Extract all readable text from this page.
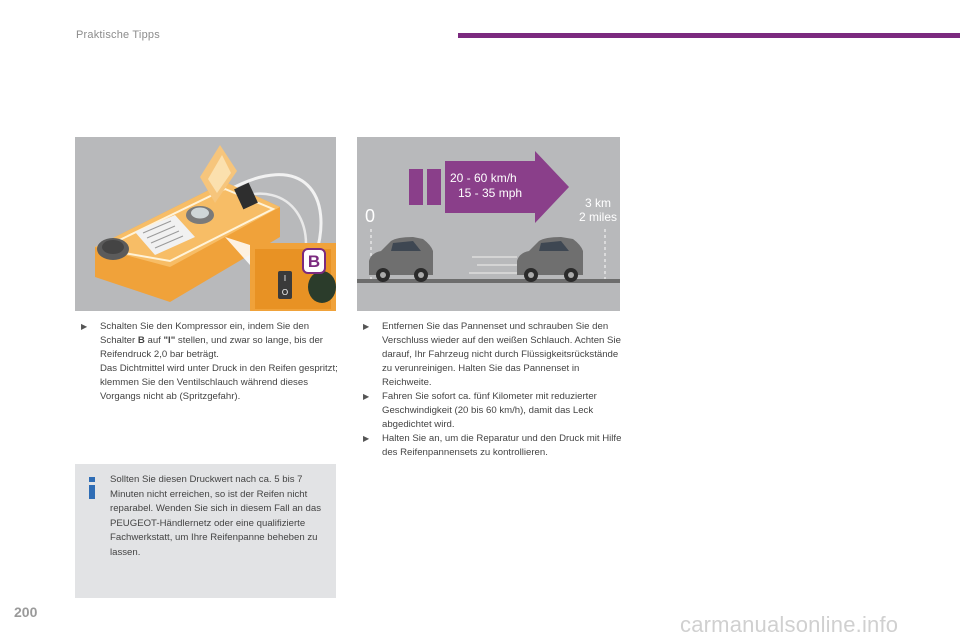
Praktische Tipps
I
O
B
0
3 km
2 miles
20 - 60 km/h
15 - 35 mph
▶ Schalten Sie den Kompressor ein, indem Sie den Schalter B auf "I" stellen, und zwar so lange, bis der Reifendruck 2,0 bar beträgt.

Das Dichtmittel wird unter Druck in den Reifen gespritzt; klemmen Sie den Ventilschlauch während dieses Vorgangs nicht ab (Spritzgefahr).

Sollten Sie diesen Druckwert nach ca. 5 bis 7 Minuten nicht erreichen, so ist der Reifen nicht reparabel. Wenden Sie sich in diesem Fall an das PEUGEOT-Händlernetz oder eine qualifizierte Fachwerkstatt, um Ihre Reifenpanne beheben zu lassen.
▶ Entfernen Sie das Pannenset und schrauben Sie den Verschluss wieder auf den weißen Schlauch. Achten Sie darauf, Ihr Fahrzeug nicht durch Flüssigkeitsrückstände zu verunreinigen. Halten Sie das Pannenset in Reichweite.

▶ Fahren Sie sofort ca. fünf Kilometer mit reduzierter Geschwindigkeit (20 bis 60 km/h), damit das Leck abgedichtet wird.

▶ Halten Sie an, um die Reparatur und den Druck mit Hilfe des Reifenpannensets zu kontrollieren.

200	carmanualsonline.info
